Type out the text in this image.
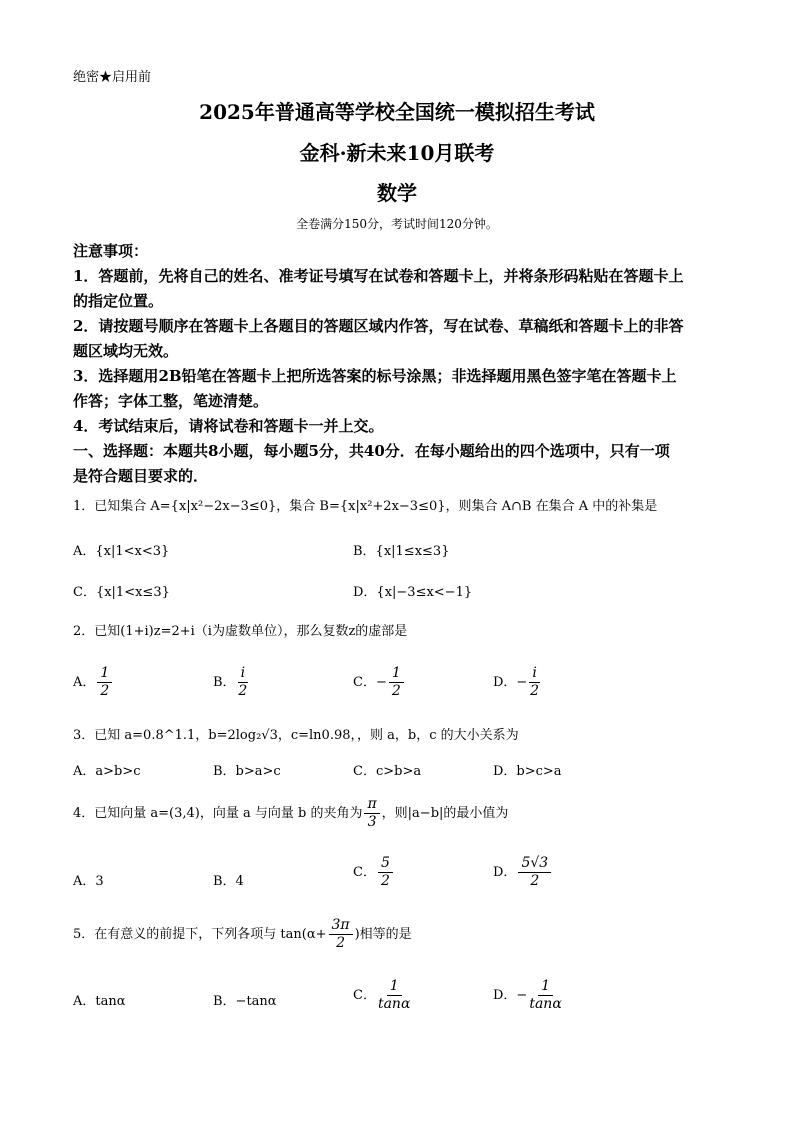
绝密★启用前
2025年普通高等学校全国统一模拟招生考试
金科·新未来10月联考
数学
全卷满分150分，考试时间120分钟。
注意事项：
1．答题前，先将自己的姓名、准考证号填写在试卷和答题卡上，并将条形码粘贴在答题卡上
的指定位置。
2．请按题号顺序在答题卡上各题目的答题区域内作答，写在试卷、草稿纸和答题卡上的非答
题区域均无效。
3．选择题用2B铅笔在答题卡上把所选答案的标号涂黑；非选择题用黑色签字笔在答题卡上
作答；字体工整，笔迹清楚。
4．考试结束后，请将试卷和答题卡一并上交。
一、选择题：本题共8小题，每小题5分，共40分．在每小题给出的四个选项中，只有一项
是符合题目要求的．
1．已知集合 A={x|x²−2x−3≤0}，集合 B={x|x²+2x−3≤0}，则集合 A∩B 在集合 A 中的补集是
A．{x|1<x<3}	B．{x|1≤x≤3}
C．{x|1<x≤3}	D．{x|−3≤x<−1}
2．已知(1+i)z=2+i（i为虚数单位），那么复数z的虚部是
A． $\frac{1}{2}$	B． $\frac{i}{2}$	C．− $\frac{1}{2}$	D．− $\frac{i}{2}$
3．已知 a=0.8^1.1，b=2log₂√3，c=ln0.98，，则 a，b，c 的大小关系为
A．a>b>c	B．b>a>c	C．c>b>a	D．b>c>a
4．已知向量 a=(3,4)，向量 a 与向量 b 的夹角为 $\frac{\pi}{3}$ ，则|a−b|的最小值为
A．3	B．4
C． $\frac{5}{2}$	D． $\frac{5√3}{2}$
5．在有意义的前提下，下列各项与 $\tan(\alpha+ \frac{3\pi}{2}$ )相等的是
A．tanα	B．−tanα	C． $\frac{1}{\tan\alpha}$	D．− $\frac{1}{\tan\alpha}$
